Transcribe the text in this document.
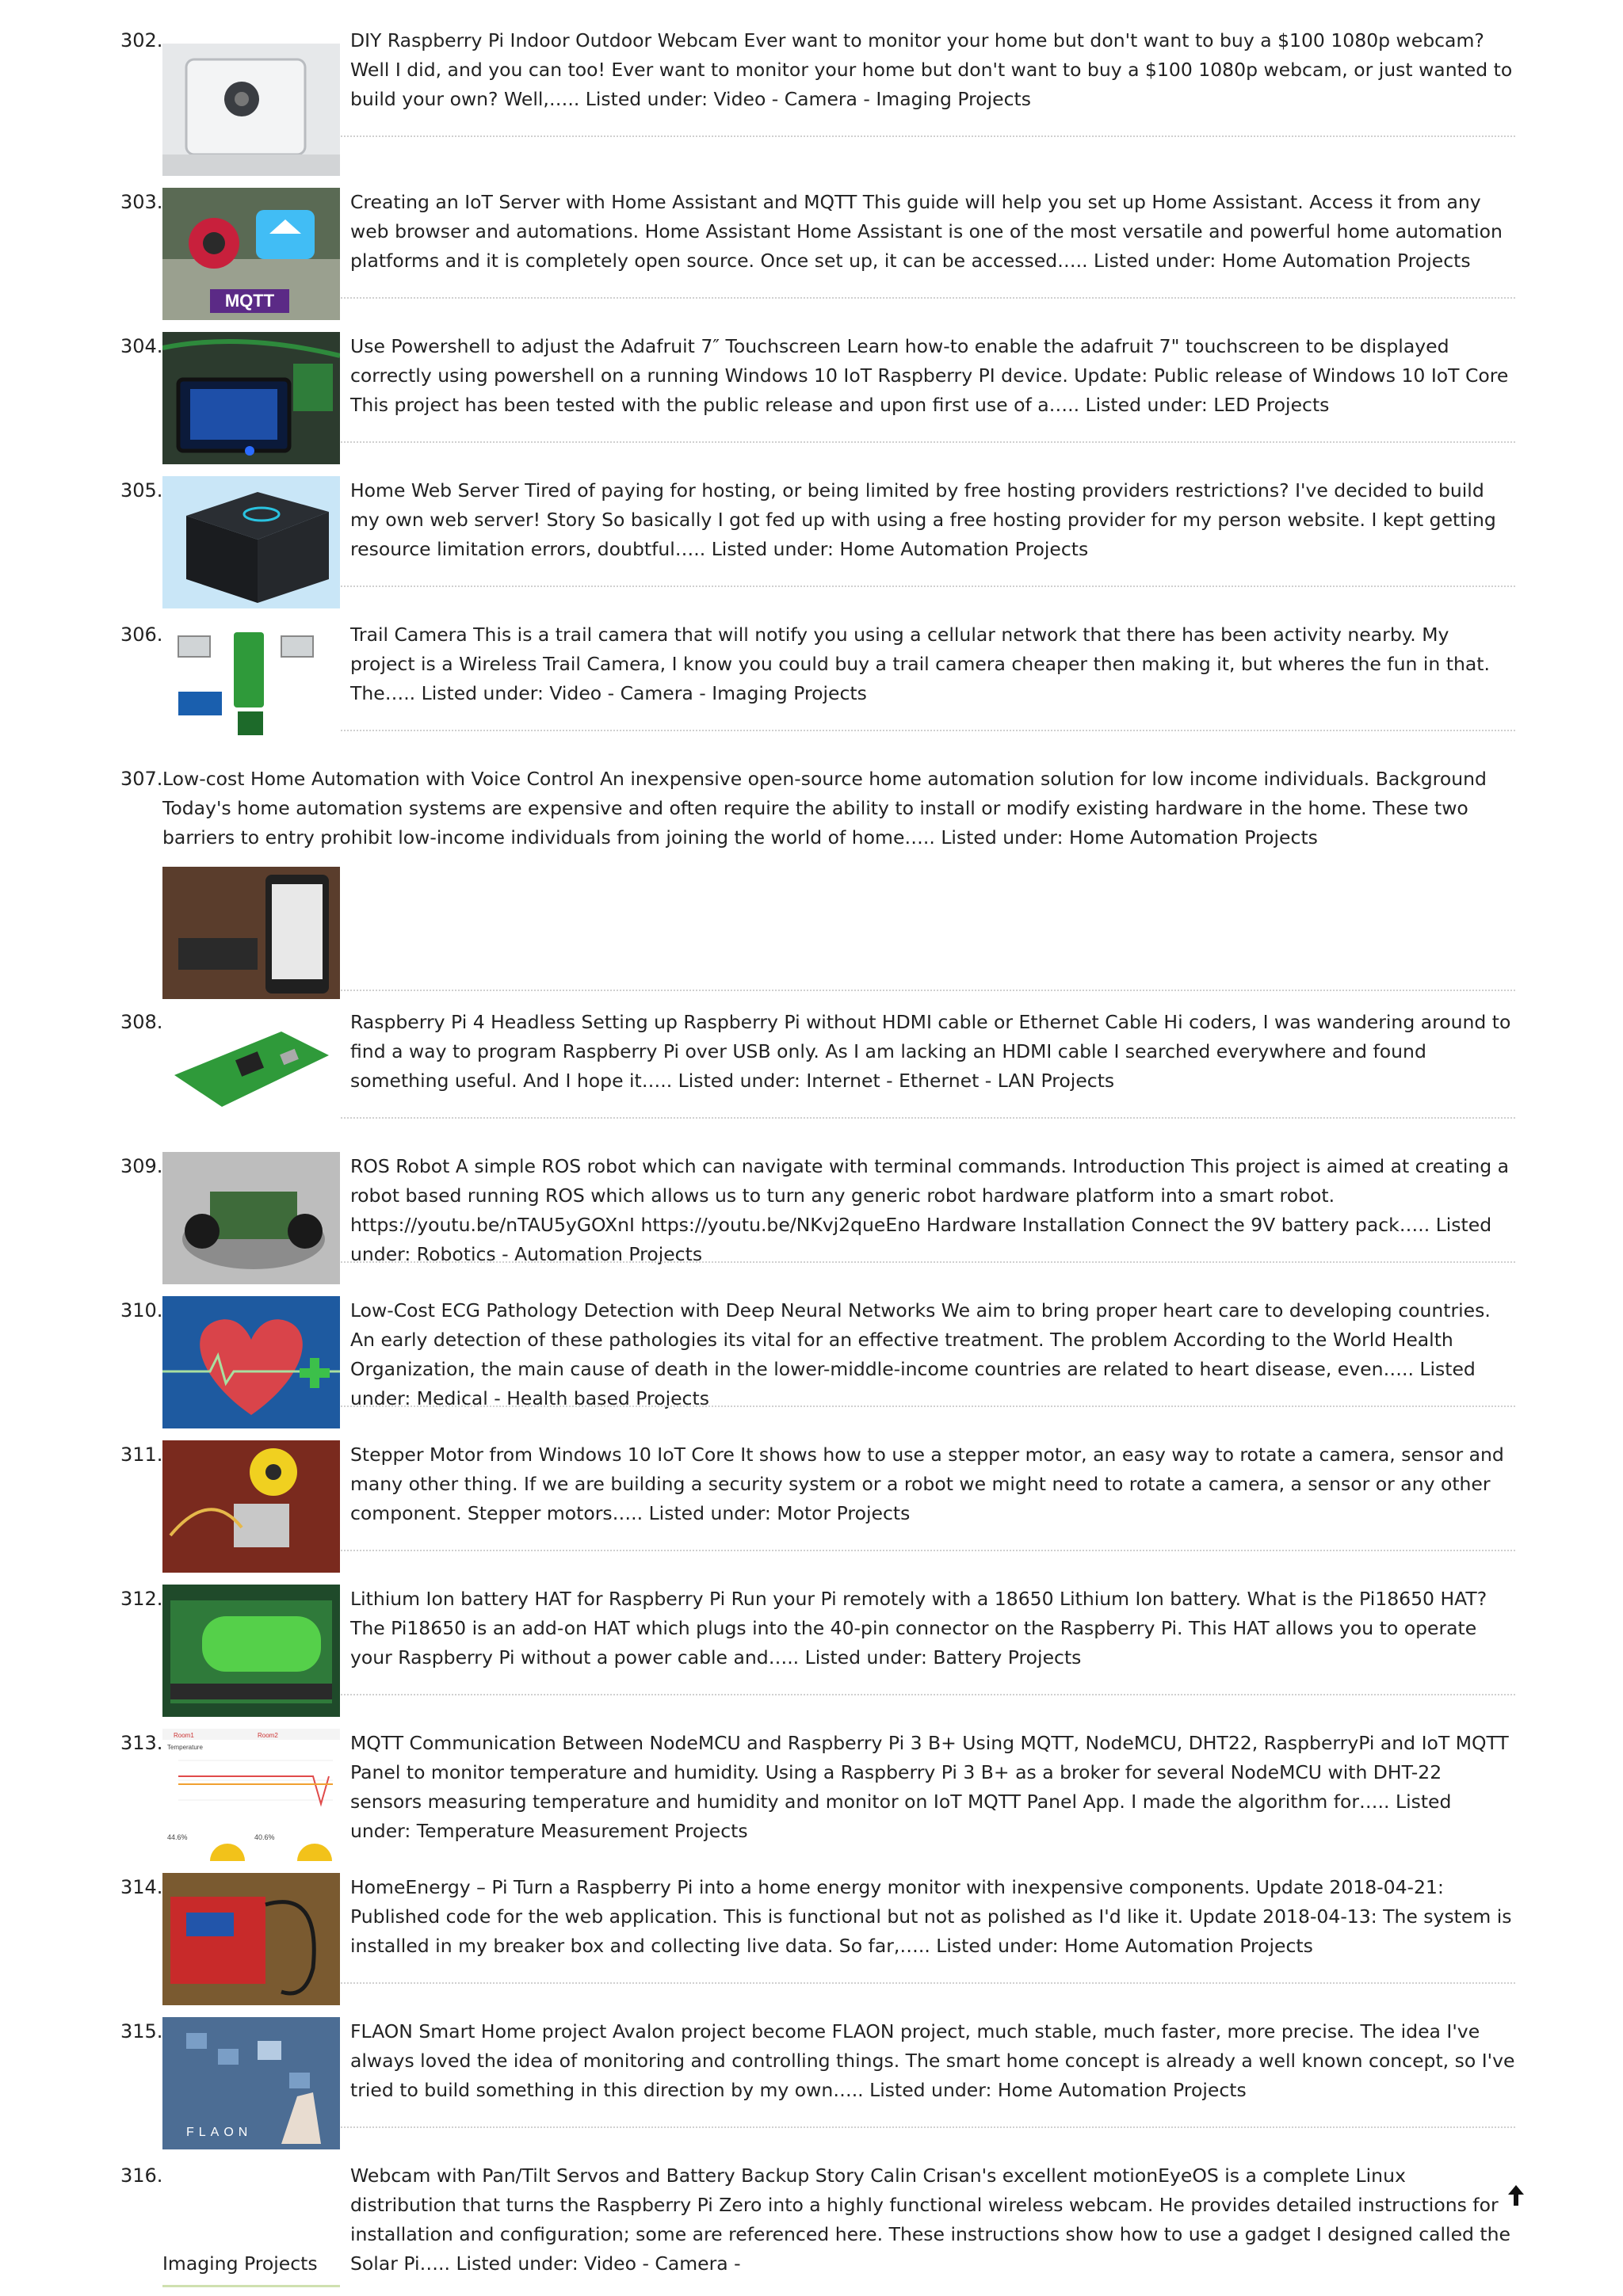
302.	DIY Raspberry Pi Indoor Outdoor Webcam Ever want to monitor your home but don't want to buy a $100 1080p webcam? Well I did, and you can too! Ever want to monitor your home but don't want to buy a $100 1080p webcam, or just wanted to build your own? Well,….. Listed under: Video - Camera - Imaging Projects
303.
MQTT
Creating an IoT Server with Home Assistant and MQTT This guide will help you set up Home Assistant. Access it from any web browser and automations. Home Assistant Home Assistant is one of the most versatile and powerful home automation platforms and it is completely open source. Once set up, it can be accessed….. Listed under: Home Automation Projects
304.	Use Powershell to adjust the Adafruit 7″ Touchscreen Learn how-to enable the adafruit 7" touchscreen to be displayed correctly using powershell on a running Windows 10 IoT Raspberry PI device. Update: Public release of Windows 10 IoT Core This project has been tested with the public release and upon first use of a….. Listed under: LED Projects
305.	Home Web Server Tired of paying for hosting, or being limited by free hosting providers restrictions? I've decided to build my own web server! Story So basically I got fed up with using a free hosting provider for my person website. I kept getting resource limitation errors, doubtful….. Listed under: Home Automation Projects
306.	Trail Camera This is a trail camera that will notify you using a cellular network that there has been activity nearby. My project is a Wireless Trail Camera, I know you could buy a trail camera cheaper then making it, but wheres the fun in that. The….. Listed under: Video - Camera - Imaging Projects
307. Low-cost Home Automation with Voice Control An inexpensive open-source home automation solution for low income individuals. Background Today's home automation systems are expensive and often require the ability to install or modify existing hardware in the home. These two barriers to entry prohibit low-income individuals from joining the world of home….. Listed under: Home Automation Projects
308.	Raspberry Pi 4 Headless Setting up Raspberry Pi without HDMI cable or Ethernet Cable Hi coders, I was wandering around to find a way to program Raspberry Pi over USB only. As I am lacking an HDMI cable I searched everywhere and found something useful. And I hope it….. Listed under: Internet - Ethernet - LAN Projects
309.	ROS Robot A simple ROS robot which can navigate with terminal commands. Introduction This project is aimed at creating a robot based running ROS which allows us to turn any generic robot hardware platform into a smart robot. https://youtu.be/nTAU5yGOXnI https://youtu.be/NKvj2queEno Hardware Installation Connect the 9V battery pack….. Listed under: Robotics - Automation Projects
310.	Low-Cost ECG Pathology Detection with Deep Neural Networks We aim to bring proper heart care to developing countries. An early detection of these pathologies its vital for an effective treatment. The problem According to the World Health Organization, the main cause of death in the lower-middle-income countries are related to heart disease, even….. Listed under: Medical - Health based Projects
311.	Stepper Motor from Windows 10 IoT Core It shows how to use a stepper motor, an easy way to rotate a camera, sensor and many other thing. If we are building a security system or a robot we might need to rotate a camera, a sensor or any other component. Stepper motors….. Listed under: Motor Projects
312.	Lithium Ion battery HAT for Raspberry Pi Run your Pi remotely with a 18650 Lithium Ion battery. What is the Pi18650 HAT? The Pi18650 is an add-on HAT which plugs into the 40-pin connector on the Raspberry Pi. This HAT allows you to operate your Raspberry Pi without a power cable and….. Listed under: Battery Projects
313. Room1	Room2
Temperature
44.6%	40.6%
MQTT Communication Between NodeMCU and Raspberry Pi 3 B+ Using MQTT, NodeMCU, DHT22, RaspberryPi and IoT MQTT Panel to monitor temperature and humidity. Using a Raspberry Pi 3 B+ as a broker for several NodeMCU with DHT-22 sensors measuring temperature and humidity and monitor on IoT MQTT Panel App. I made the algorithm for….. Listed under: Temperature Measurement Projects
314.	HomeEnergy – Pi Turn a Raspberry Pi into a home energy monitor with inexpensive components. Update 2018-04-21: Published code for the web application. This is functional but not as polished as I'd like it. Update 2018-04-13: The system is installed in my breaker box and collecting live data. So far,….. Listed under: Home Automation Projects
315.
FLAON
FLAON Smart Home project Avalon project become FLAON project, much stable, much faster, more precise. The idea I've always loved the idea of monitoring and controlling things. The smart home concept is already a well known concept, so I've tried to build something in this direction by my own….. Listed under: Home Automation Projects
316.	Webcam with Pan/Tilt Servos and Battery Backup Story Calin Crisan's excellent motionEyeOS is a complete Linux distribution that turns the Raspberry Pi Zero into a highly functional wireless webcam. He provides detailed instructions for installation and configuration; some are referenced here. These instructions show how to use a gadget I designed called the Solar Pi….. Listed under: Video - Camera -
Imaging Projects
